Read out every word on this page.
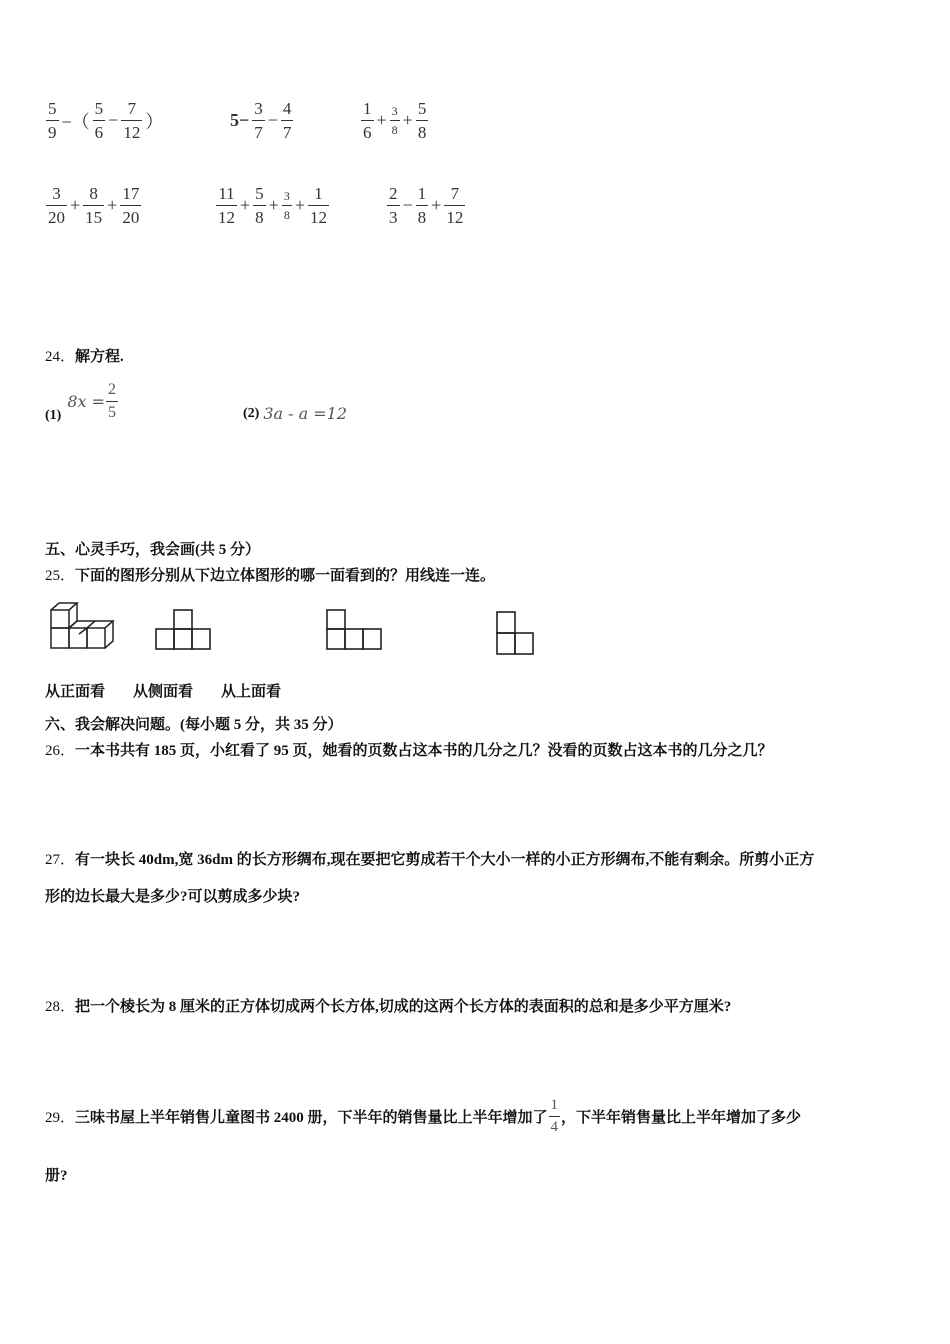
$\frac{5}{9}$ −（ $\frac{5}{6} - \frac{7}{12}$ ）	$5- \frac{3}{7} - \frac{4}{7}$	$\frac{1}{6} + \frac{3}{8} + \frac{5}{8}$
$\frac{3}{20} + \frac{8}{15} + \frac{17}{20}$	$\frac{11}{12} + \frac{5}{8} + \frac{3}{8} + \frac{1}{12}$	$\frac{2}{3} - \frac{1}{8} + \frac{7}{12}$
24．解方程.
(1)
$8x = \frac{2}{5}$	(2) 3a - a =12
五、心灵手巧，我会画(共 5 分）
25．下面的图形分别从下边立体图形的哪一面看到的？用线连一连。
从正面看 从侧面看 从上面看
六、我会解决问题。(每小题 5 分，共 35 分）
26．一本书共有 185 页，小红看了 95 页，她看的页数占这本书的几分之几？没看的页数占这本书的几分之几？
27．有一块长 40dm,宽 36dm 的长方形绸布,现在要把它剪成若干个大小一样的小正方形绸布,不能有剩余。所剪小正方
形的边长最大是多少?可以剪成多少块?
28．把一个棱长为 8 厘米的正方体切成两个长方体,切成的这两个长方体的表面积的总和是多少平方厘米?
29． 三味书屋上半年销售儿童图书 2400 册，下半年的销售量比上半年增加了 $\frac{1}{4}$ ，下半年销售量比上半年增加了多少
册?
